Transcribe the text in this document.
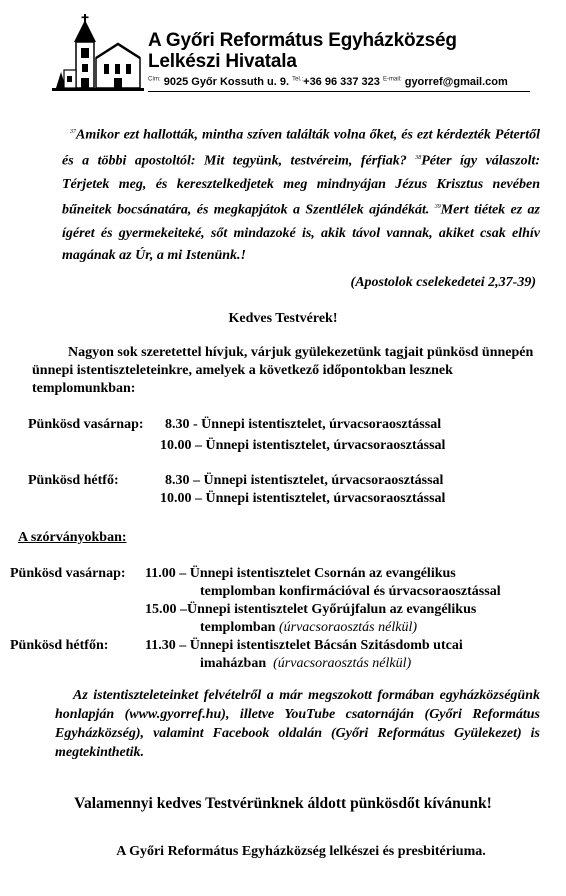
A Győri Református Egyházközség
Lelkészi Hivatala
$^{Cím:}$ 9025 Győr Kossuth u. 9. $^{Tel.:}$+36 96 337 323 $^{E-mail:}$ gyorref@gmail.com
$^{37}$Amikor ezt hallották, mintha szíven találták volna őket, és ezt kérdezték Pétertől és a többi apostoltól: Mit tegyünk, testvéreim, férfiak? $^{38}$Péter így válaszolt: Térjetek meg, és keresztelkedjetek meg mindnyájan Jézus Krisztus nevében bűneitek bocsánatára, és megkapjátok a Szentlélek ajándékát. $^{39}$Mert tiétek ez az ígéret és gyermekeiteké, sőt mindazoké is, akik távol vannak, akiket csak elhív magának az Úr, a mi Istenünk.!
(Apostolok cselekedetei 2,37-39)
Kedves Testvérek!
Nagyon sok szeretettel hívjuk, várjuk gyülekezetünk tagjait pünkösd ünnepén ünnepi istentiszteleteinkre, amelyek a következő időpontokban lesznek templomunkban:
Pünkösd vasárnap: 8.30 - Ünnepi istentisztelet, úrvacsoraosztással
10.00 – Ünnepi istentisztelet, úrvacsoraosztással
Pünkösd hétfő:	8.30 – Ünnepi istentisztelet, úrvacsoraosztással
10.00 – Ünnepi istentisztelet, úrvacsoraosztással
A szórványokban:
Pünkösd vasárnap: 11.00 – Ünnepi istentisztelet Csornán az evangélikus
templomban konfirmációval és úrvacsoraosztással
15.00 –Ünnepi istentisztelet Győrújfalun az evangélikus
templomban (úrvacsoraosztás nélkül)
Pünkösd hétfőn:	11.30 – Ünnepi istentisztelet Bácsán Szitásdomb utcai
imaházban (úrvacsoraosztás nélkül)
Az istentiszteleteinket felvételről a már megszokott formában egyházközségünk honlapján (www.gyorref.hu), illetve YouTube csatornáján (Győri Református Egyházközség), valamint Facebook oldalán (Győri Református Gyülekezet) is megtekinthetik.
Valamennyi kedves Testvérünknek áldott pünkösdőt kívánunk!
A Győri Református Egyházközség lelkészei és presbitériuma.
